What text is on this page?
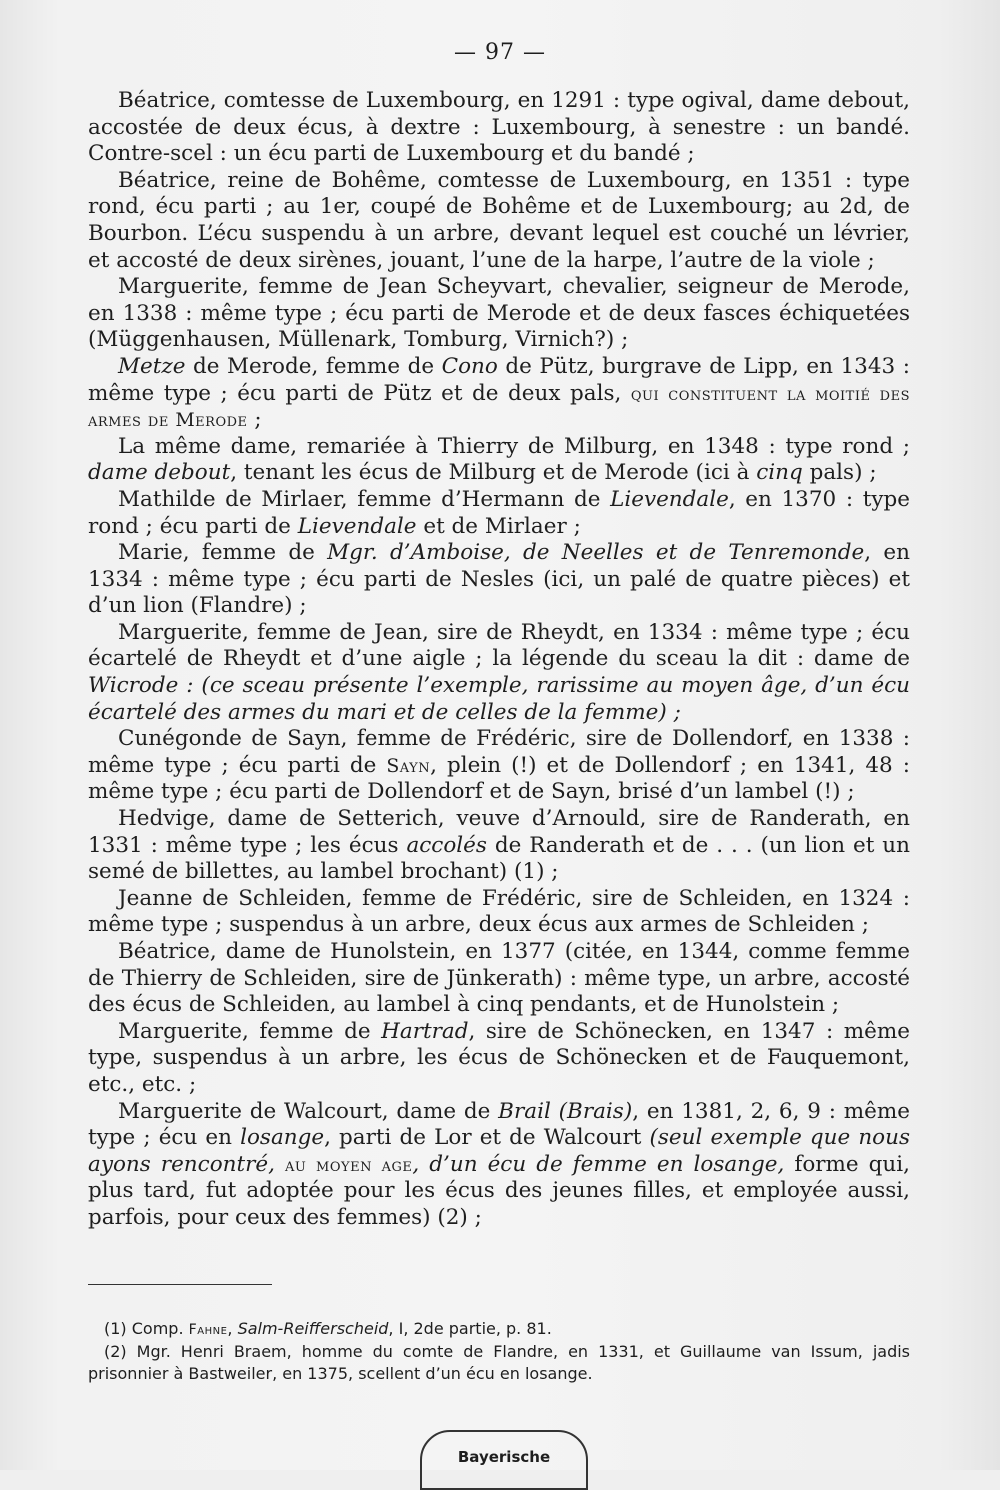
— 97 —

Béatrice, comtesse de Luxembourg, en 1291 : type ogival, dame debout, accostée de deux écus, à dextre : Luxembourg, à senestre : un bandé. Contre-scel : un écu parti de Luxembourg et du bandé ;

Béatrice, reine de Bohême, comtesse de Luxembourg, en 1351 : type rond, écu parti ; au 1er, coupé de Bohême et de Luxembourg; au 2d, de Bourbon. L’écu suspendu à un arbre, devant lequel est couché un lévrier, et accosté de deux sirènes, jouant, l’une de la harpe, l’autre de la viole ;

Marguerite, femme de Jean Scheyvart, chevalier, seigneur de Merode, en 1338 : même type ; écu parti de Merode et de deux fasces échiquetées (Müggenhausen, Müllenark, Tomburg, Virnich?) ;

Metze de Merode, femme de Cono de Pütz, burgrave de Lipp, en 1343 : même type ; écu parti de Pütz et de deux pals, qui constituent la moitié des armes de Merode ;

La même dame, remariée à Thierry de Milburg, en 1348 : type rond ; dame debout, tenant les écus de Milburg et de Merode (ici à cinq pals) ;

Mathilde de Mirlaer, femme d’Hermann de Lievendale, en 1370 : type rond ; écu parti de Lievendale et de Mirlaer ;

Marie, femme de Mgr. d’Amboise, de Neelles et de Tenremonde, en 1334 : même type ; écu parti de Nesles (ici, un palé de quatre pièces) et d’un lion (Flandre) ;

Marguerite, femme de Jean, sire de Rheydt, en 1334 : même type ; écu écartelé de Rheydt et d’une aigle ; la légende du sceau la dit : dame de Wicrode : (ce sceau présente l’exemple, rarissime au moyen âge, d’un écu écartelé des armes du mari et de celles de la femme) ;

Cunégonde de Sayn, femme de Frédéric, sire de Dollendorf, en 1338 : même type ; écu parti de Sayn, plein (!) et de Dollendorf ; en 1341, 48 : même type ; écu parti de Dollendorf et de Sayn, brisé d’un lambel (!) ;

Hedvige, dame de Setterich, veuve d’Arnould, sire de Randerath, en 1331 : même type ; les écus accolés de Randerath et de . . . (un lion et un semé de billettes, au lambel brochant) (1) ;

Jeanne de Schleiden, femme de Frédéric, sire de Schleiden, en 1324 : même type ; suspendus à un arbre, deux écus aux armes de Schleiden ;

Béatrice, dame de Hunolstein, en 1377 (citée, en 1344, comme femme de Thierry de Schleiden, sire de Jünkerath) : même type, un arbre, accosté des écus de Schleiden, au lambel à cinq pendants, et de Hunolstein ;

Marguerite, femme de Hartrad, sire de Schönecken, en 1347 : même type, suspendus à un arbre, les écus de Schönecken et de Fauquemont, etc., etc. ;

Marguerite de Walcourt, dame de Brail (Brais), en 1381, 2, 6, 9 : même type ; écu en losange, parti de Lor et de Walcourt (seul exemple que nous ayons rencontré, au moyen age, d’un écu de femme en losange, forme qui, plus tard, fut adoptée pour les écus des jeunes filles, et employée aussi, parfois, pour ceux des femmes) (2) ;

(1) Comp. Fahne, Salm-Reifferscheid, I, 2de partie, p. 81.

(2) Mgr. Henri Braem, homme du comte de Flandre, en 1331, et Guillaume van Issum, jadis prisonnier à Bastweiler, en 1375, scellent d’un écu en losange.

Bayerische
